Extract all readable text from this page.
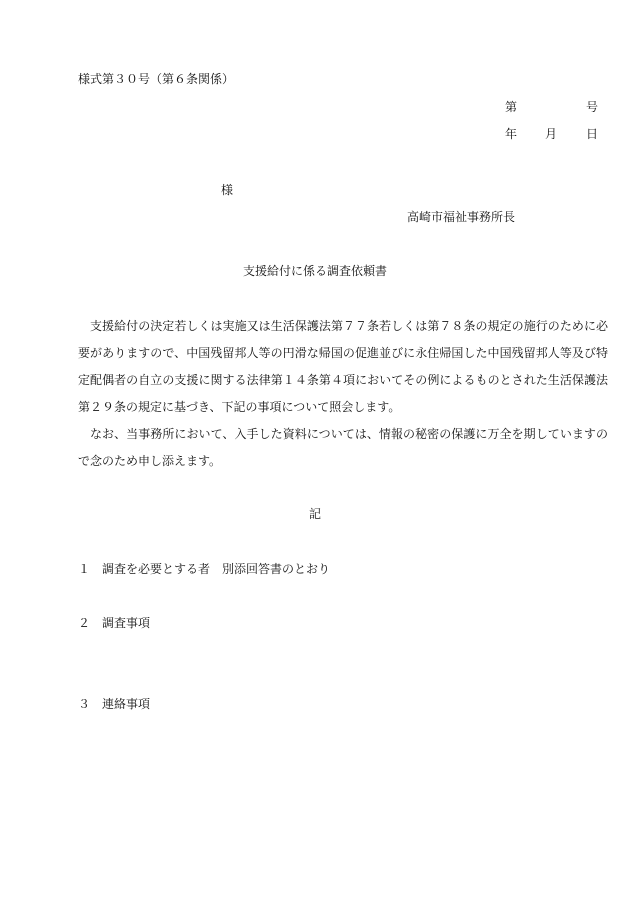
様式第３０号（第６条関係）
第	号
年 月 日
様
高崎市福祉事務所長
支援給付に係る調査依頼書
支援給付の決定若しくは実施又は生活保護法第７７条若しくは第７８条の規定の施行のために必要がありますので、中国残留邦人等の円滑な帰国の促進並びに永住帰国した中国残留邦人等及び特定配偶者の自立の支援に関する法律第１４条第４項においてその例によるものとされた生活保護法第２９条の規定に基づき、下記の事項について照会します。
なお、当事務所において、入手した資料については、情報の秘密の保護に万全を期していますので念のため申し添えます。
記
１ 調査を必要とする者　別添回答書のとおり
２ 調査事項
３ 連絡事項
